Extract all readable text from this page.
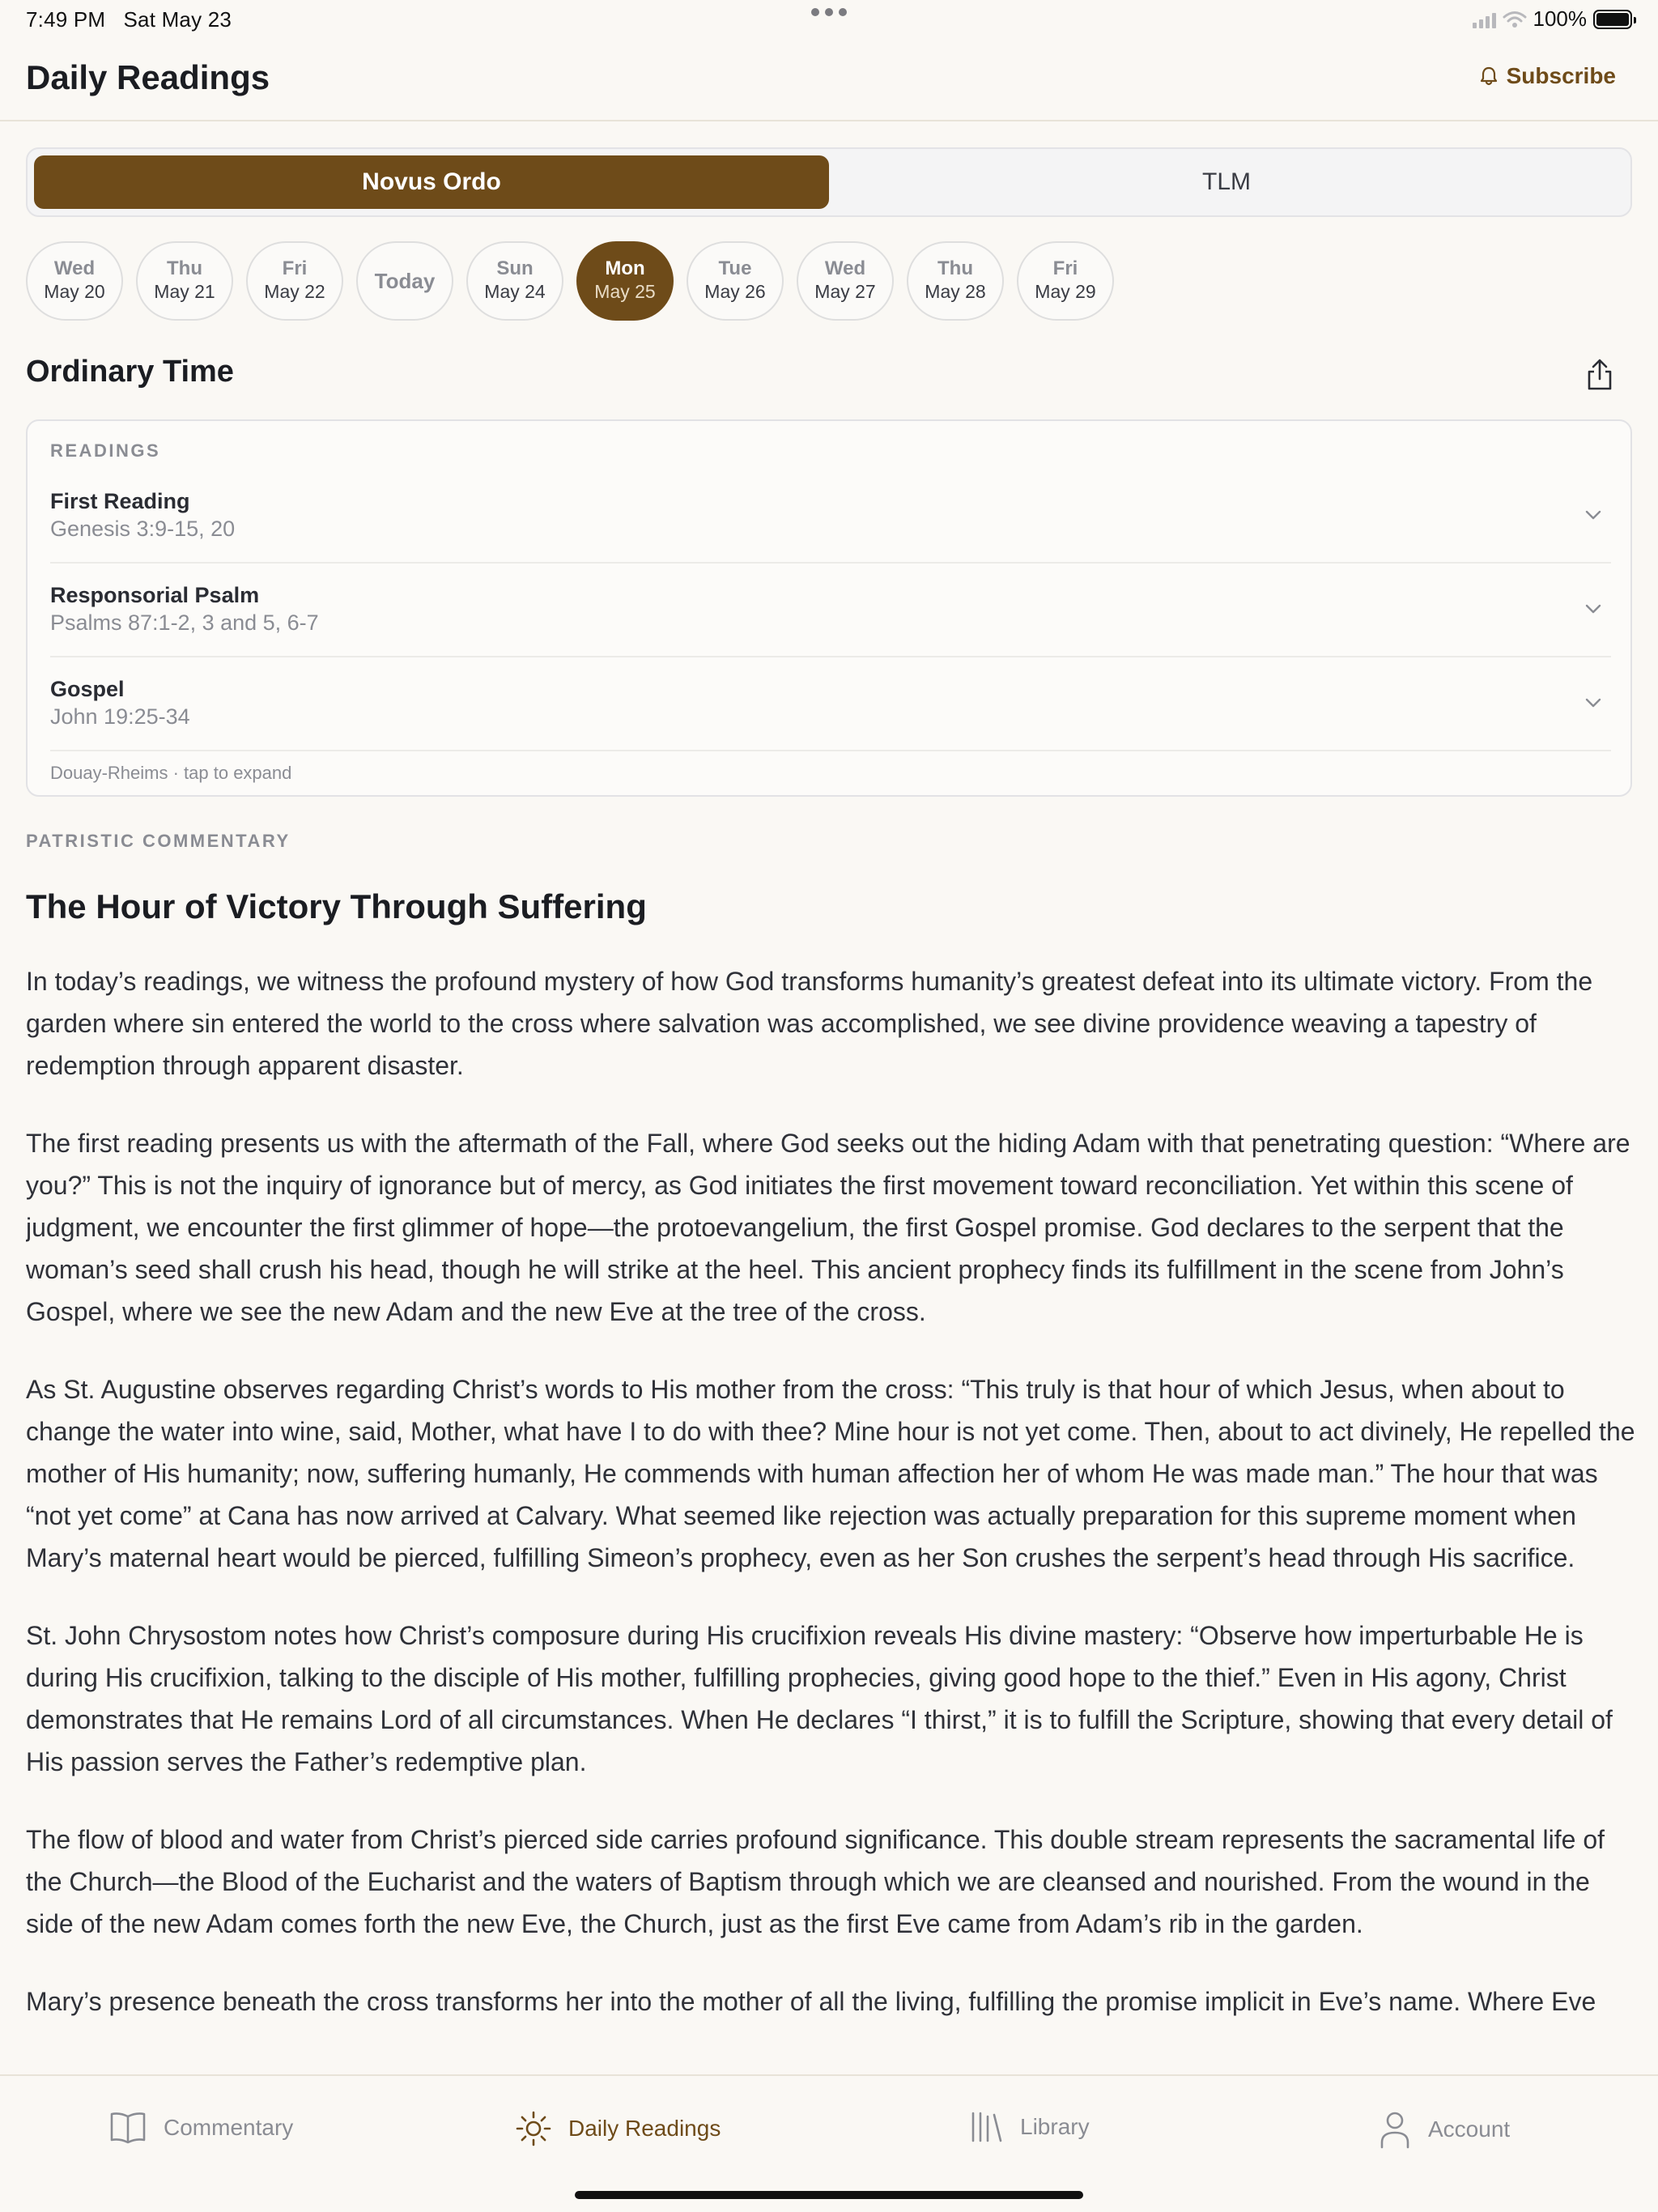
7:49 PM Sat May 23	100%
Daily Readings	Subscribe
Novus Ordo	TLM
Wed
May 20
Thu
May 21
Fri
May 22 Today
Sun
May 24
Mon
May 25
Tue
May 26
Wed
May 27
Thu
May 28
Fri
May 29
Ordinary Time
READINGS
First Reading
Genesis 3:9-15, 20
Responsorial Psalm
Psalms 87:1-2, 3 and 5, 6-7
Gospel
John 19:25-34
Douay-Rheims · tap to expand
PATRISTIC COMMENTARY
The Hour of Victory Through Suffering

In today’s readings, we witness the profound mystery of how God transforms humanity’s greatest defeat into its ultimate victory. From the garden where sin entered the world to the cross where salvation was accomplished, we see divine providence weaving a tapestry of redemption through apparent disaster.

The first reading presents us with the aftermath of the Fall, where God seeks out the hiding Adam with that penetrating question: “Where are you?” This is not the inquiry of ignorance but of mercy, as God initiates the first movement toward reconciliation. Yet within this scene of judgment, we encounter the first glimmer of hope—the protoevangelium, the first Gospel promise. God declares to the serpent that the woman’s seed shall crush his head, though he will strike at the heel. This ancient prophecy finds its fulfillment in the scene from John’s Gospel, where we see the new Adam and the new Eve at the tree of the cross.

As St. Augustine observes regarding Christ’s words to His mother from the cross: “This truly is that hour of which Jesus, when about to change the water into wine, said, Mother, what have I to do with thee? Mine hour is not yet come. Then, about to act divinely, He repelled the mother of His humanity; now, suffering humanly, He commends with human affection her of whom He was made man.” The hour that was “not yet come” at Cana has now arrived at Calvary. What seemed like rejection was actually preparation for this supreme moment when Mary’s maternal heart would be pierced, fulfilling Simeon’s prophecy, even as her Son crushes the serpent’s head through His sacrifice.

St. John Chrysostom notes how Christ’s composure during His crucifixion reveals His divine mastery: “Observe how imperturbable He is during His crucifixion, talking to the disciple of His mother, fulfilling prophecies, giving good hope to the thief.” Even in His agony, Christ demonstrates that He remains Lord of all circumstances. When He declares “I thirst,” it is to fulfill the Scripture, showing that every detail of His passion serves the Father’s redemptive plan.

The flow of blood and water from Christ’s pierced side carries profound significance. This double stream represents the sacramental life of the Church—the Blood of the Eucharist and the waters of Baptism through which we are cleansed and nourished. From the wound in the side of the new Adam comes forth the new Eve, the Church, just as the first Eve came from Adam’s rib in the garden.

Mary’s presence beneath the cross transforms her into the mother of all the living, fulfilling the promise implicit in Eve’s name. Where Eve

Commentary	Daily Readings	Library	Account
